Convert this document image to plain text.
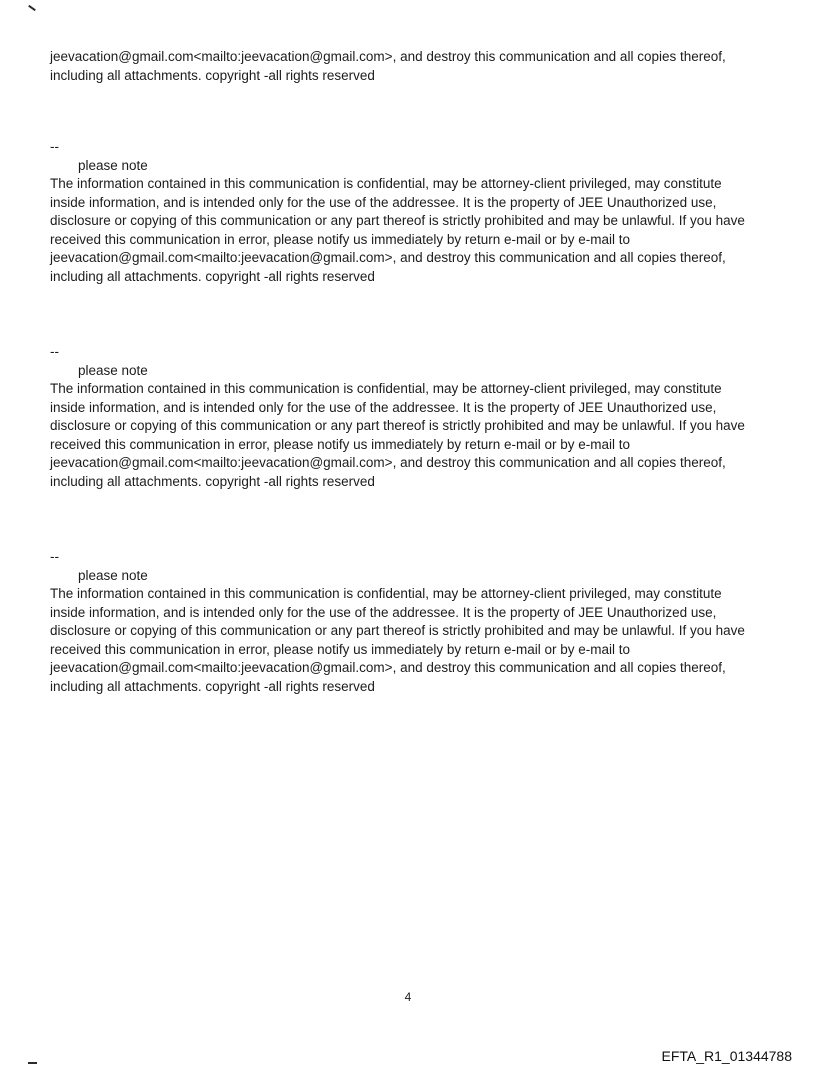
jeevacation@gmail.com<mailto:jeevacation@gmail.com>, and destroy this communication and all copies thereof, including all attachments. copyright -all rights reserved

--

please note

The information contained in this communication is confidential, may be attorney-client privileged, may constitute inside information, and is intended only for the use of the addressee. It is the property of JEE Unauthorized use, disclosure or copying of this communication or any part thereof is strictly prohibited and may be unlawful. If you have received this communication in error, please notify us immediately by return e-mail or by e-mail to jeevacation@gmail.com<mailto:jeevacation@gmail.com>, and destroy this communication and all copies thereof, including all attachments. copyright -all rights reserved

--

please note

The information contained in this communication is confidential, may be attorney-client privileged, may constitute inside information, and is intended only for the use of the addressee. It is the property of JEE Unauthorized use, disclosure or copying of this communication or any part thereof is strictly prohibited and may be unlawful. If you have received this communication in error, please notify us immediately by return e-mail or by e-mail to jeevacation@gmail.com<mailto:jeevacation@gmail.com>, and destroy this communication and all copies thereof, including all attachments. copyright -all rights reserved

--

please note

The information contained in this communication is confidential, may be attorney-client privileged, may constitute inside information, and is intended only for the use of the addressee. It is the property of JEE Unauthorized use, disclosure or copying of this communication or any part thereof is strictly prohibited and may be unlawful. If you have received this communication in error, please notify us immediately by return e-mail or by e-mail to jeevacation@gmail.com<mailto:jeevacation@gmail.com>, and destroy this communication and all copies thereof, including all attachments. copyright -all rights reserved

4
EFTA_R1_01344788
